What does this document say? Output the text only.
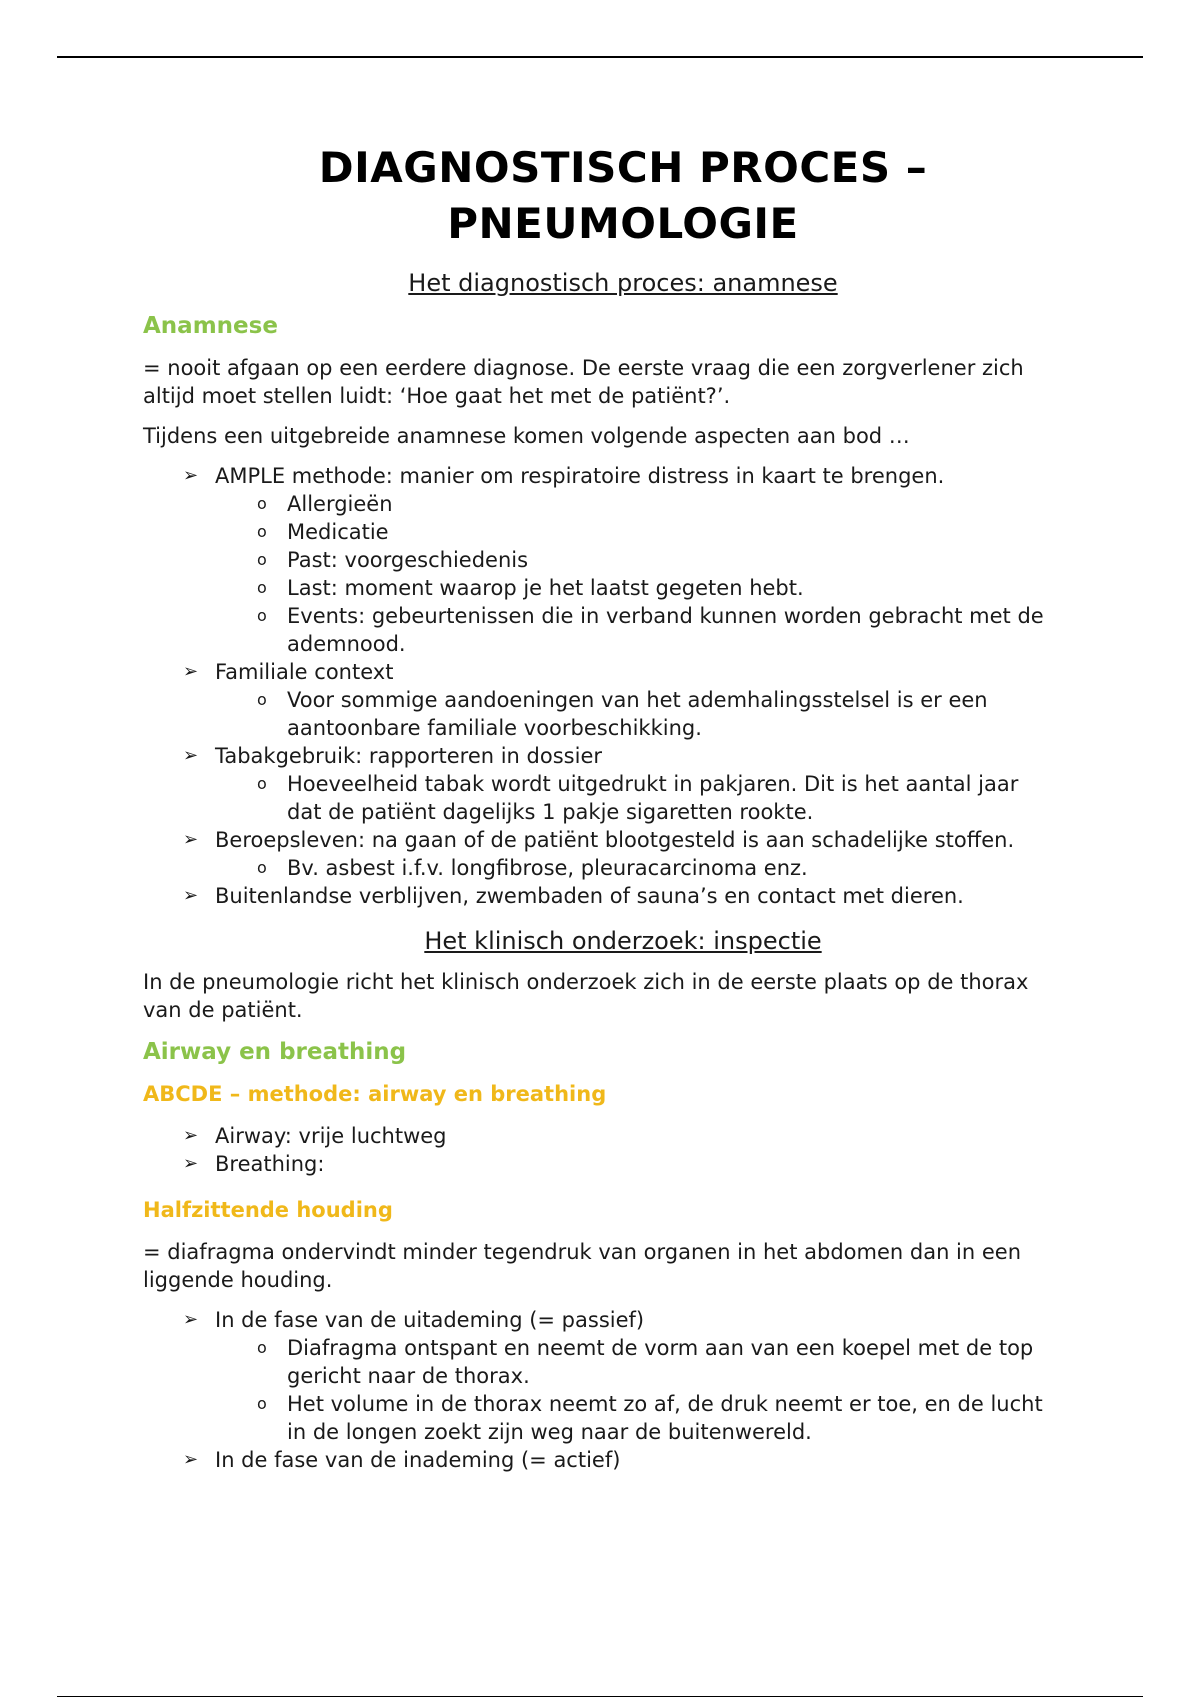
DIAGNOSTISCH PROCES –
PNEUMOLOGIE
Het diagnostisch proces: anamnese
Anamnese

= nooit afgaan op een eerdere diagnose. De eerste vraag die een zorgverlener zich altijd moet stellen luidt: ‘Hoe gaat het met de patiënt?’.

Tijdens een uitgebreide anamnese komen volgende aspecten aan bod …

➢ AMPLE methode: manier om respiratoire distress in kaart te brengen.
o Allergieën
o Medicatie
o Past: voorgeschiedenis
o Last: moment waarop je het laatst gegeten hebt.
o Events: gebeurtenissen die in verband kunnen worden gebracht met de ademnood.
➢ Familiale context
o Voor sommige aandoeningen van het ademhalingsstelsel is er een aantoonbare familiale voorbeschikking.
➢ Tabakgebruik: rapporteren in dossier
o Hoeveelheid tabak wordt uitgedrukt in pakjaren. Dit is het aantal jaar dat de patiënt dagelijks 1 pakje sigaretten rookte.
➢ Beroepsleven: na gaan of de patiënt blootgesteld is aan schadelijke stoffen.
o Bv. asbest i.f.v. longfibrose, pleuracarcinoma enz.
➢ Buitenlandse verblijven, zwembaden of sauna’s en contact met dieren.
Het klinisch onderzoek: inspectie

In de pneumologie richt het klinisch onderzoek zich in de eerste plaats op de thorax van de patiënt.

Airway en breathing
ABCDE – methode: airway en breathing
➢ Airway: vrije luchtweg
➢ Breathing:
Halfzittende houding

= diafragma ondervindt minder tegendruk van organen in het abdomen dan in een liggende houding.

➢ In de fase van de uitademing (= passief)
o Diafragma ontspant en neemt de vorm aan van een koepel met de top gericht naar de thorax.
o Het volume in de thorax neemt zo af, de druk neemt er toe, en de lucht in de longen zoekt zijn weg naar de buitenwereld.
➢ In de fase van de inademing (= actief)
